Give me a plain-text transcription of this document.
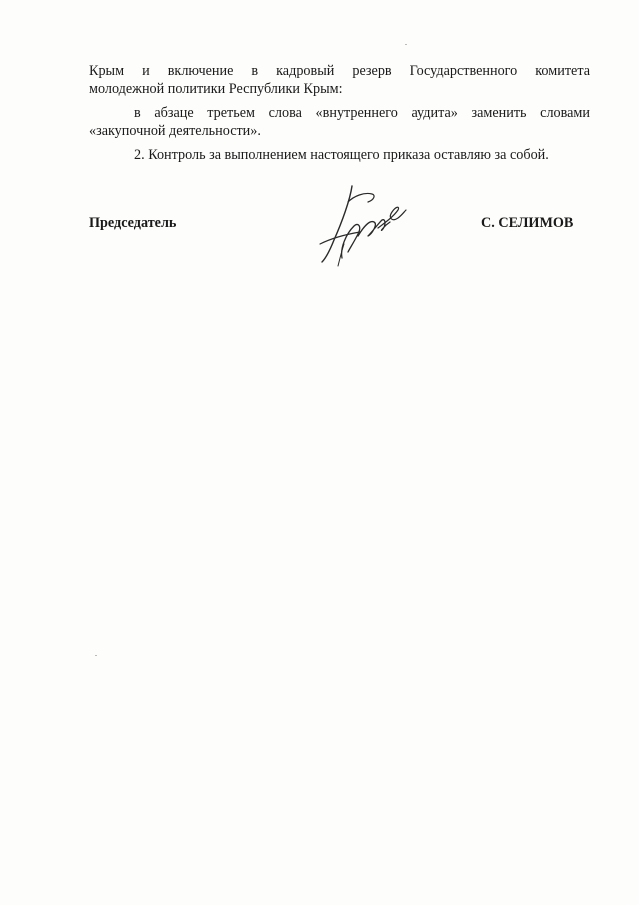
Крым и включение в кадровый резерв Государственного комитета
молодежной политики Республики Крым:
в абзаце третьем слова «внутреннего аудита» заменить словами
«закупочной деятельности».
2. Контроль за выполнением настоящего приказа оставляю за собой.
Председатель	С. СЕЛИМОВ
